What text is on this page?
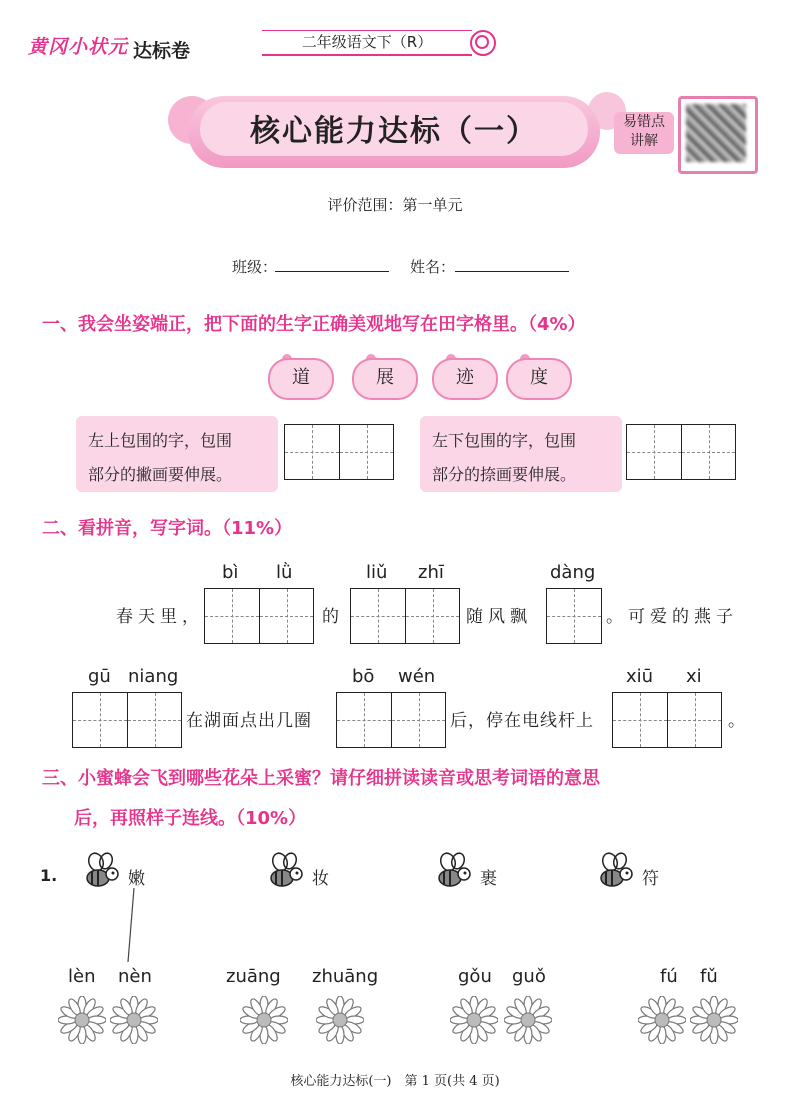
黄冈小状元 达标卷	二年级语文下（R）
核心能力达标（一）	易错点
讲解
评价范围：第一单元
班级：	姓名：
一、我会坐姿端正，把下面的生字正确美观地写在田字格里。（4%）
道	展	迹	度
左上包围的字，包围
部分的撇画要伸展。
左下包围的字，包围
部分的捺画要伸展。
二、看拼音，写字词。（11%）
bì lǜ	liǔ zhī	dàng
春天里，	的	随风飘	。可爱的燕子
gū niang	bō wén	xiū xi
在湖面点出几圈	后，停在电线杆上	。
三、小蜜蜂会飞到哪些花朵上采蜜？请仔细拼读读音或思考词语的意思
后，再照样子连线。（10%）
1.	嫩	妆	裹	符
lèn nèn	zuāng zhuāng	gǒu guǒ	fú fǔ
核心能力达标(一)　第 1 页(共 4 页)
